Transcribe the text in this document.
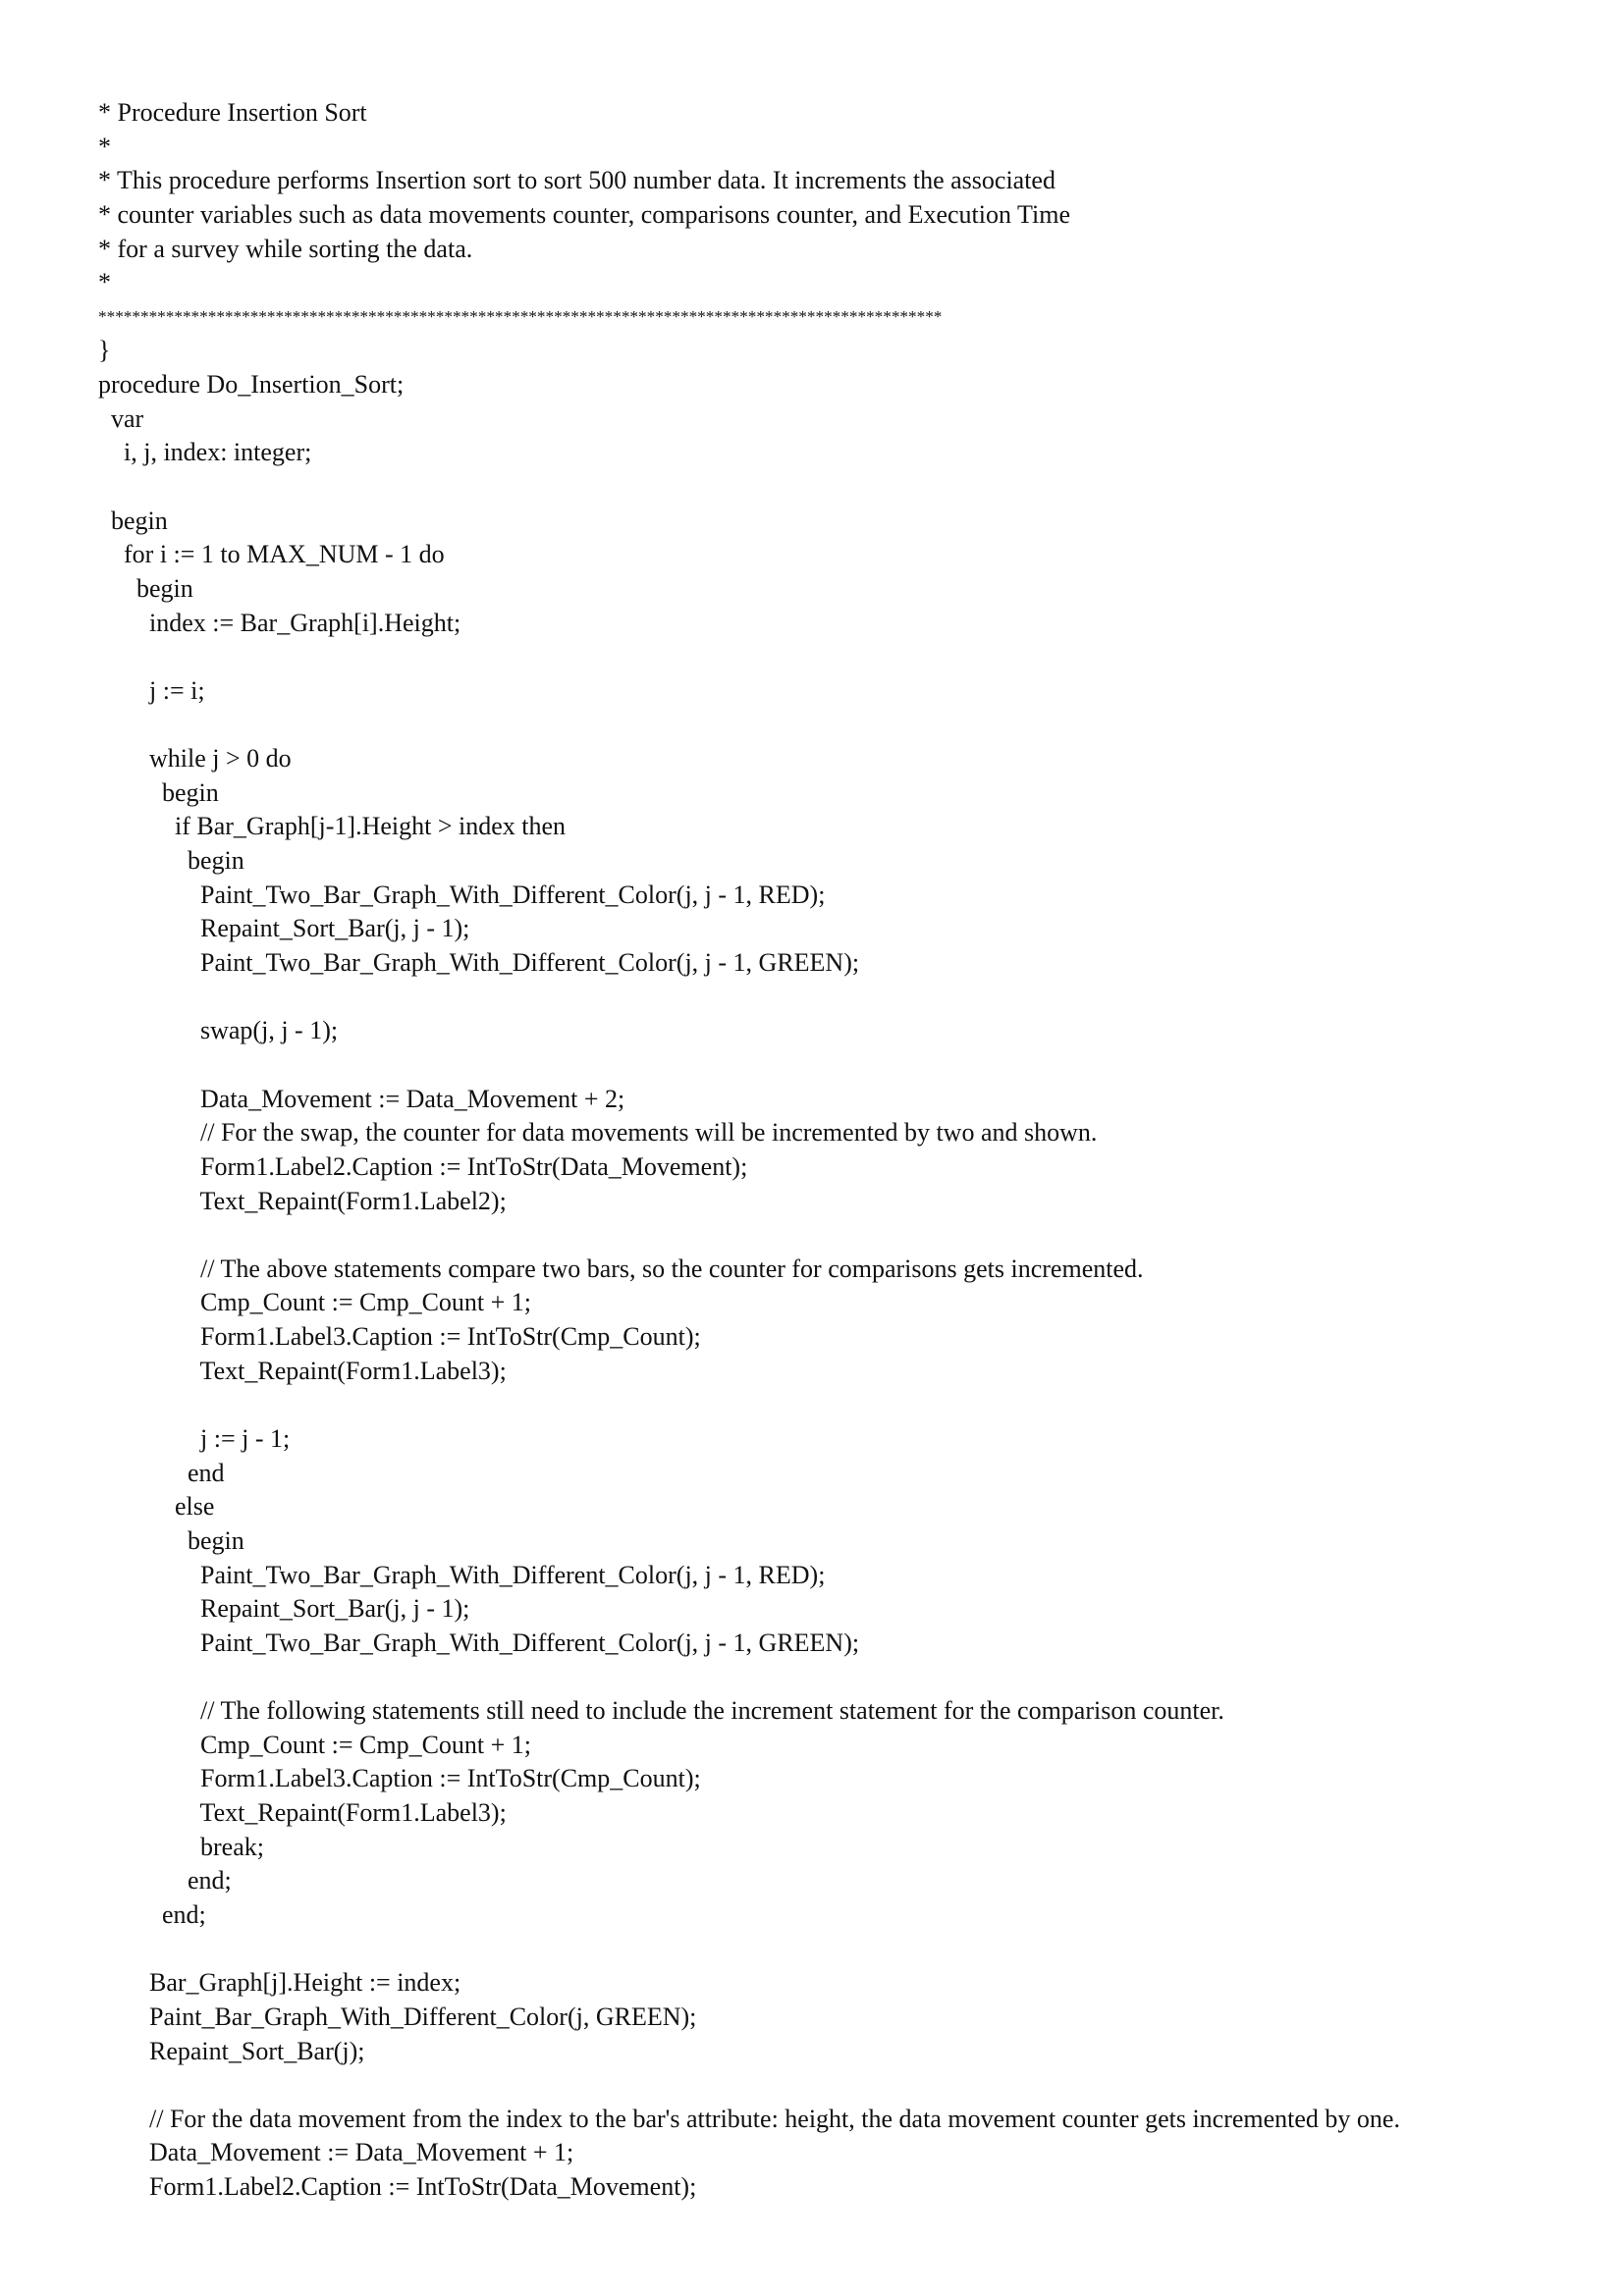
* Procedure Insertion Sort
*
* This procedure performs Insertion sort to sort 500 number data. It increments the associated
* counter variables such as data movements counter, comparisons counter, and Execution Time
* for a survey while sorting the data.
*
****************************************************************************************************
}
procedure Do_Insertion_Sort;
var
i, j, index: integer;
begin
for i := 1 to MAX_NUM - 1 do
begin
index := Bar_Graph[i].Height;
j := i;
while j > 0 do
begin
if Bar_Graph[j-1].Height > index then
begin
Paint_Two_Bar_Graph_With_Different_Color(j, j - 1, RED);
Repaint_Sort_Bar(j, j - 1);
Paint_Two_Bar_Graph_With_Different_Color(j, j - 1, GREEN);
swap(j, j - 1);
Data_Movement := Data_Movement + 2;
// For the swap, the counter for data movements will be incremented by two and shown.
Form1.Label2.Caption := IntToStr(Data_Movement);
Text_Repaint(Form1.Label2);
// The above statements compare two bars, so the counter for comparisons gets incremented.
Cmp_Count := Cmp_Count + 1;
Form1.Label3.Caption := IntToStr(Cmp_Count);
Text_Repaint(Form1.Label3);
j := j - 1;
end
else
begin
Paint_Two_Bar_Graph_With_Different_Color(j, j - 1, RED);
Repaint_Sort_Bar(j, j - 1);
Paint_Two_Bar_Graph_With_Different_Color(j, j - 1, GREEN);
// The following statements still need to include the increment statement for the comparison counter.
Cmp_Count := Cmp_Count + 1;
Form1.Label3.Caption := IntToStr(Cmp_Count);
Text_Repaint(Form1.Label3);
break;
end;
end;
Bar_Graph[j].Height := index;
Paint_Bar_Graph_With_Different_Color(j, GREEN);
Repaint_Sort_Bar(j);
// For the data movement from the index to the bar's attribute: height, the data movement counter gets incremented by one.
Data_Movement := Data_Movement + 1;
Form1.Label2.Caption := IntToStr(Data_Movement);
